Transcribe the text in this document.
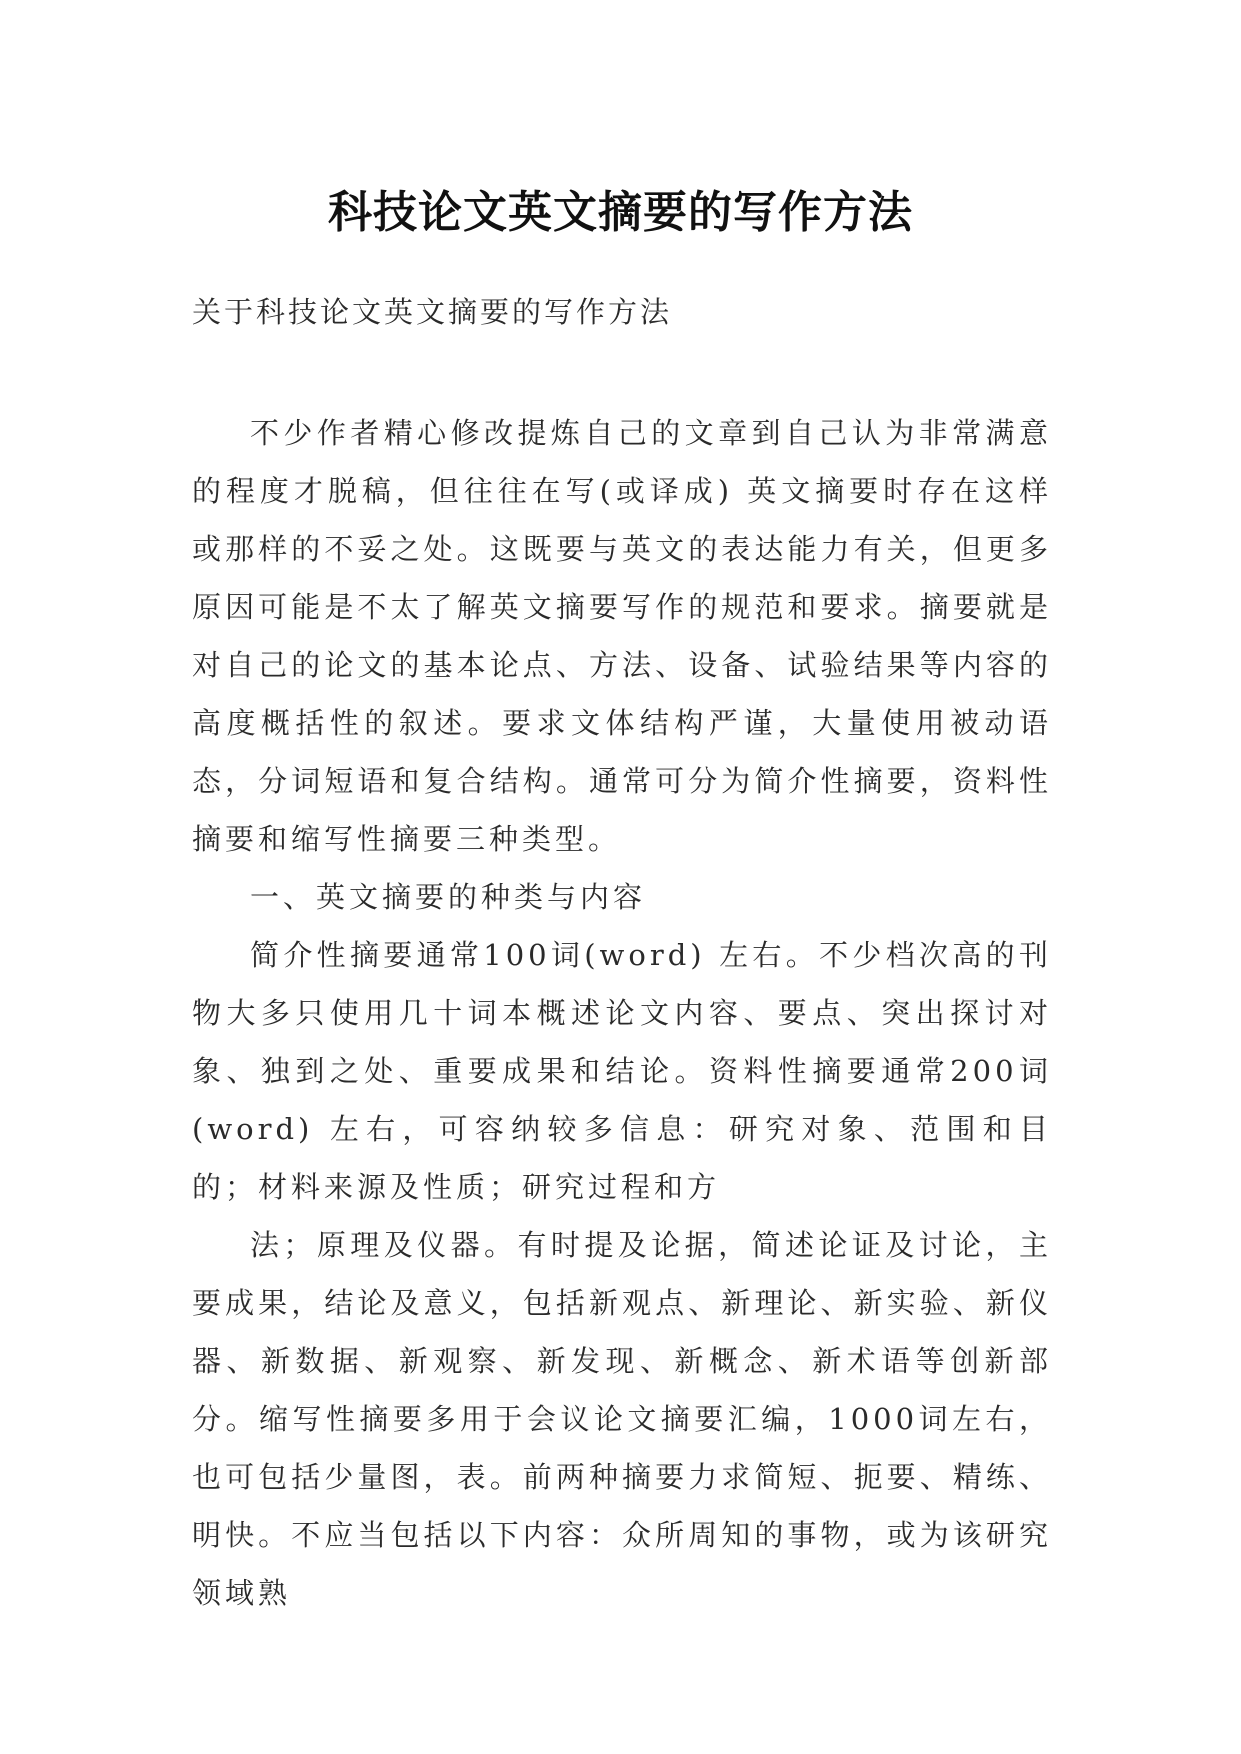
科技论文英文摘要的写作方法

关于科技论文英文摘要的写作方法

不少作者精心修改提炼自己的文章到自己认为非常满意的程度才脱稿，但往往在写(或译成) 英文摘要时存在这样或那样的不妥之处。这既要与英文的表达能力有关，但更多原因可能是不太了解英文摘要写作的规范和要求。摘要就是对自己的论文的基本论点、方法、设备、试验结果等内容的高度概括性的叙述。要求文体结构严谨，大量使用被动语态，分词短语和复合结构。通常可分为简介性摘要，资料性摘要和缩写性摘要三种类型。

一、英文摘要的种类与内容

简介性摘要通常100词(word) 左右。不少档次高的刊物大多只使用几十词本概述论文内容、要点、突出探讨对象、独到之处、重要成果和结论。资料性摘要通常200词(word) 左右，可容纳较多信息：研究对象、范围和目的；材料来源及性质；研究过程和方

法；原理及仪器。有时提及论据，简述论证及讨论，主要成果，结论及意义，包括新观点、新理论、新实验、新仪器、新数据、新观察、新发现、新概念、新术语等创新部分。缩写性摘要多用于会议论文摘要汇编，1000词左右，也可包括少量图，表。前两种摘要力求简短、扼要、精练、明快。不应当包括以下内容：众所周知的事物，或为该研究领域熟
